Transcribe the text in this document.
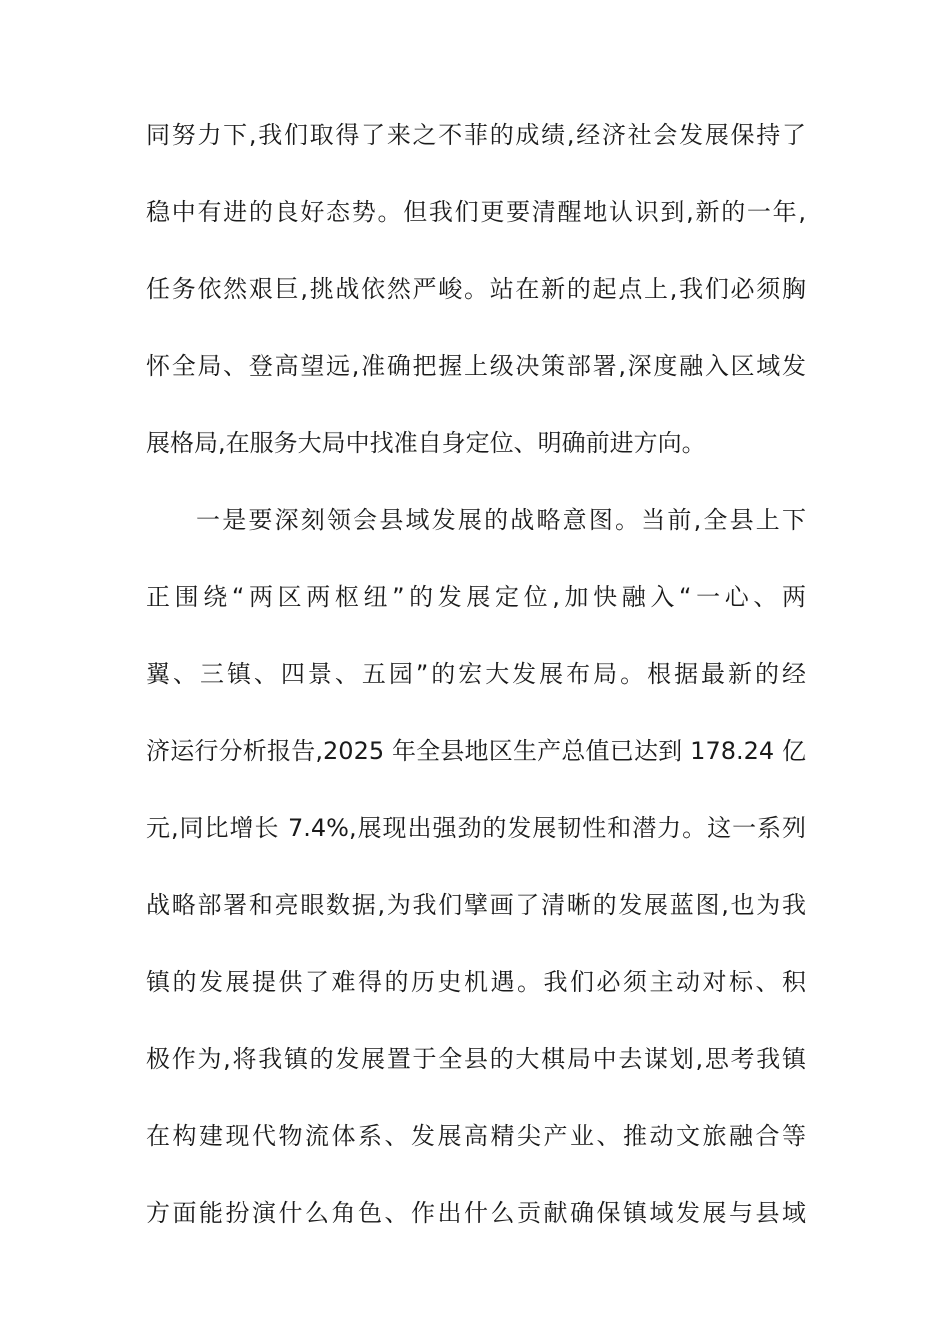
同努力下,我们取得了来之不菲的成绩,经济社会发展保持了
稳中有进的良好态势。但我们更要清醒地认识到,新的一年,
任务依然艰巨,挑战依然严峻。站在新的起点上,我们必须胸
怀全局、登高望远,准确把握上级决策部署,深度融入区域发
展格局,在服务大局中找准自身定位、明确前进方向。
一是要深刻领会县域发展的战略意图。当前,全县上下
正围绕“两区两枢纽”的发展定位,加快融入“一心、两
翼、三镇、四景、五园”的宏大发展布局。根据最新的经
济运行分析报告,2025 年全县地区生产总值已达到 178.24 亿
元,同比增长 7.4%,展现出强劲的发展韧性和潜力。这一系列
战略部署和亮眼数据,为我们擘画了清晰的发展蓝图,也为我
镇的发展提供了难得的历史机遇。我们必须主动对标、积
极作为,将我镇的发展置于全县的大棋局中去谋划,思考我镇
在构建现代物流体系、发展高精尖产业、推动文旅融合等
方面能扮演什么角色、作出什么贡献确保镇域发展与县域
